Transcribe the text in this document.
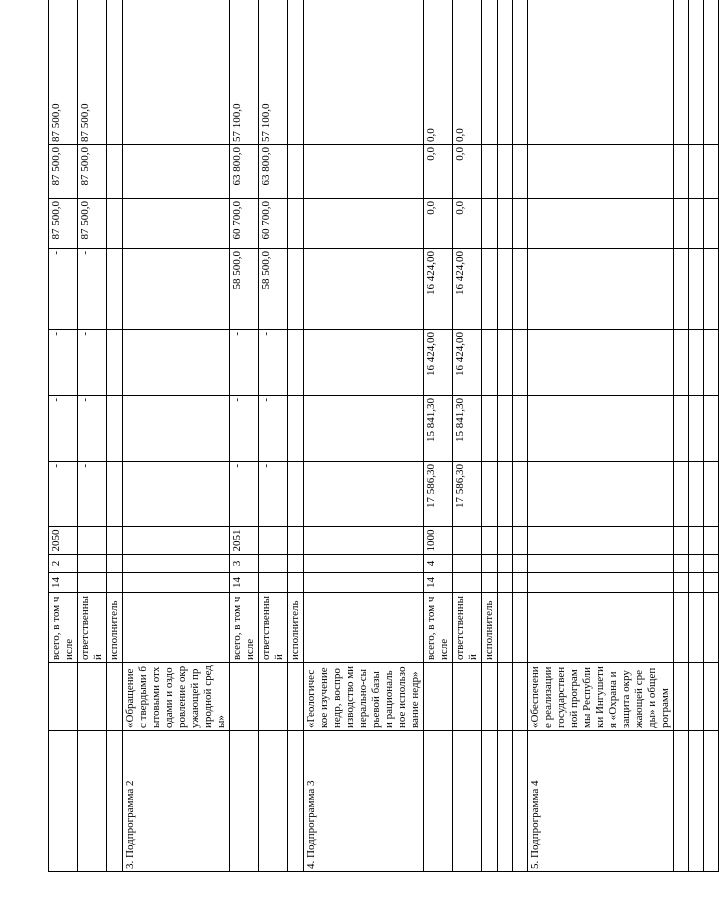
		всего, в том числе	14	2	2050	-	-	-	-	87 500,0	87 500,0	87 500,0
		ответственный				-	-	-	-	87 500,0	87 500,0	87 500,0
		исполнитель										
3. Подпрограмма 2	«Обращение с твердыми бытовыми отходами и оздоровление окружающей природной среды»											
		всего, в том числе	14	3	2051	-	-	-	58 500,0	60 700,0	63 800,0	57 100,0
		ответственный				-	-	-	58 500,0	60 700,0	63 800,0	57 100,0
		исполнитель										
4. Подпрограмма 3	«Геологическое изучение недр, воспроизводство минерально-сырьевой базы и рациональное использование недр»											
		всего, в том числе	14	4	1000	17 586,30	15 841,30	16 424,00	16 424,00	0,0	0,0	0,0
		ответственный				17 586,30	15 841,30	16 424,00	16 424,00	0,0	0,0	0,0
		исполнитель										

5. Подпрограмма 4	«Обеспечение реализации государственной программы Республики Ингушетия «Охрана и защита окружающей среды» и общепрограмм											
